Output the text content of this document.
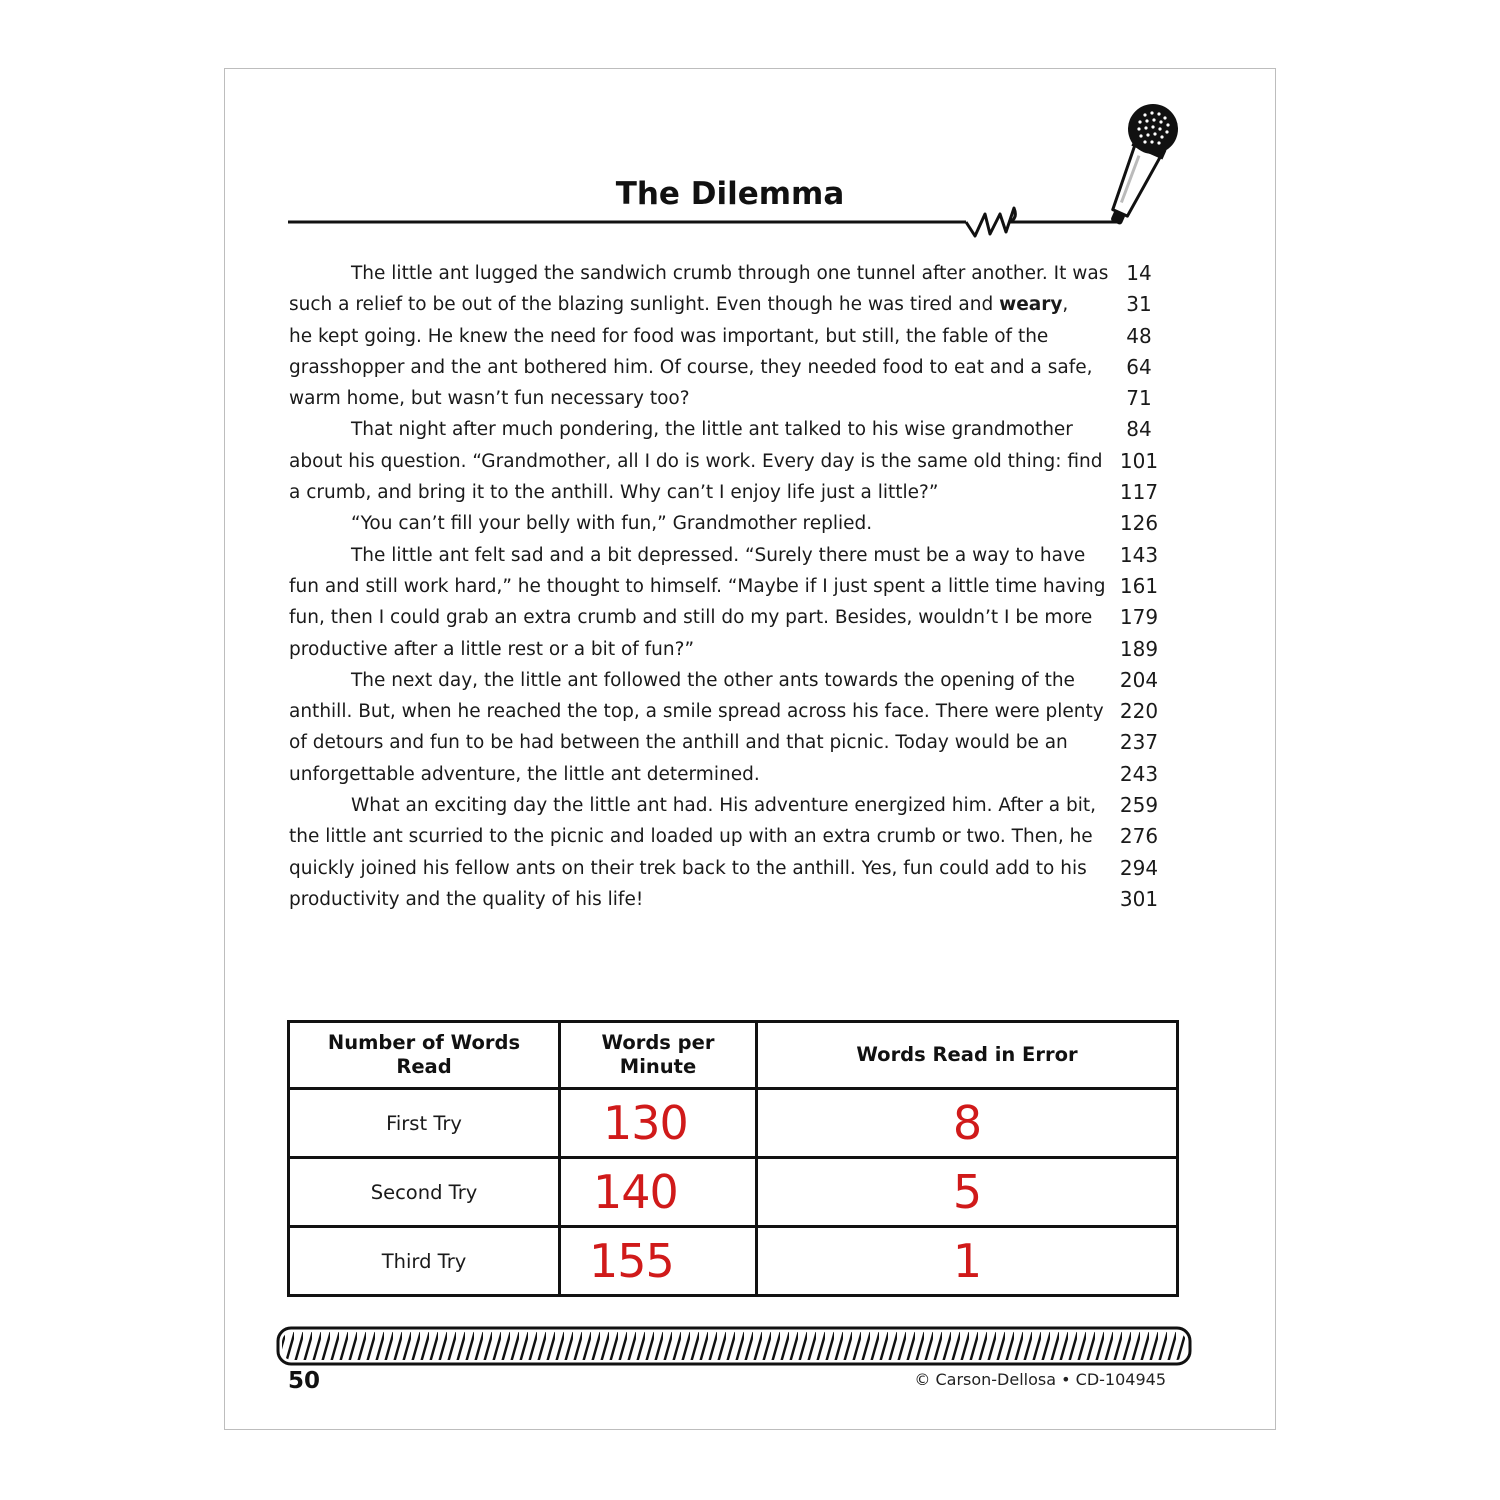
The Dilemma
The little ant lugged the sandwich crumb through one tunnel after another. It was 14
such a relief to be out of the blazing sunlight. Even though he was tired and weary,	31
he kept going. He knew the need for food was important, but still, the fable of the	48
grasshopper and the ant bothered him. Of course, they needed food to eat and a safe,	64
warm home, but wasn’t fun necessary too?	71
That night after much pondering, the little ant talked to his wise grandmother	84
about his question. “Grandmother, all I do is work. Every day is the same old thing: find 101
a crumb, and bring it to the anthill. Why can’t I enjoy life just a little?”	117
“You can’t fill your belly with fun,” Grandmother replied.	126
The little ant felt sad and a bit depressed. “Surely there must be a way to have	143
fun and still work hard,” he thought to himself. “Maybe if I just spent a little time having 161
fun, then I could grab an extra crumb and still do my part. Besides, wouldn’t I be more	179
productive after a little rest or a bit of fun?”	189
The next day, the little ant followed the other ants towards the opening of the	204
anthill. But, when he reached the top, a smile spread across his face. There were plenty 220
of detours and fun to be had between the anthill and that picnic. Today would be an	237
unforgettable adventure, the little ant determined.	243
What an exciting day the little ant had. His adventure energized him. After a bit,	259
the little ant scurried to the picnic and loaded up with an extra crumb or two. Then, he	276
quickly joined his fellow ants on their trek back to the anthill. Yes, fun could add to his	294
productivity and the quality of his life!	301
Number of Words Read	Words per Minute	Words Read in Error
First Try	130	8
Second Try	140	5
Third Try	155	1
50	© Carson-Dellosa • CD-104945
